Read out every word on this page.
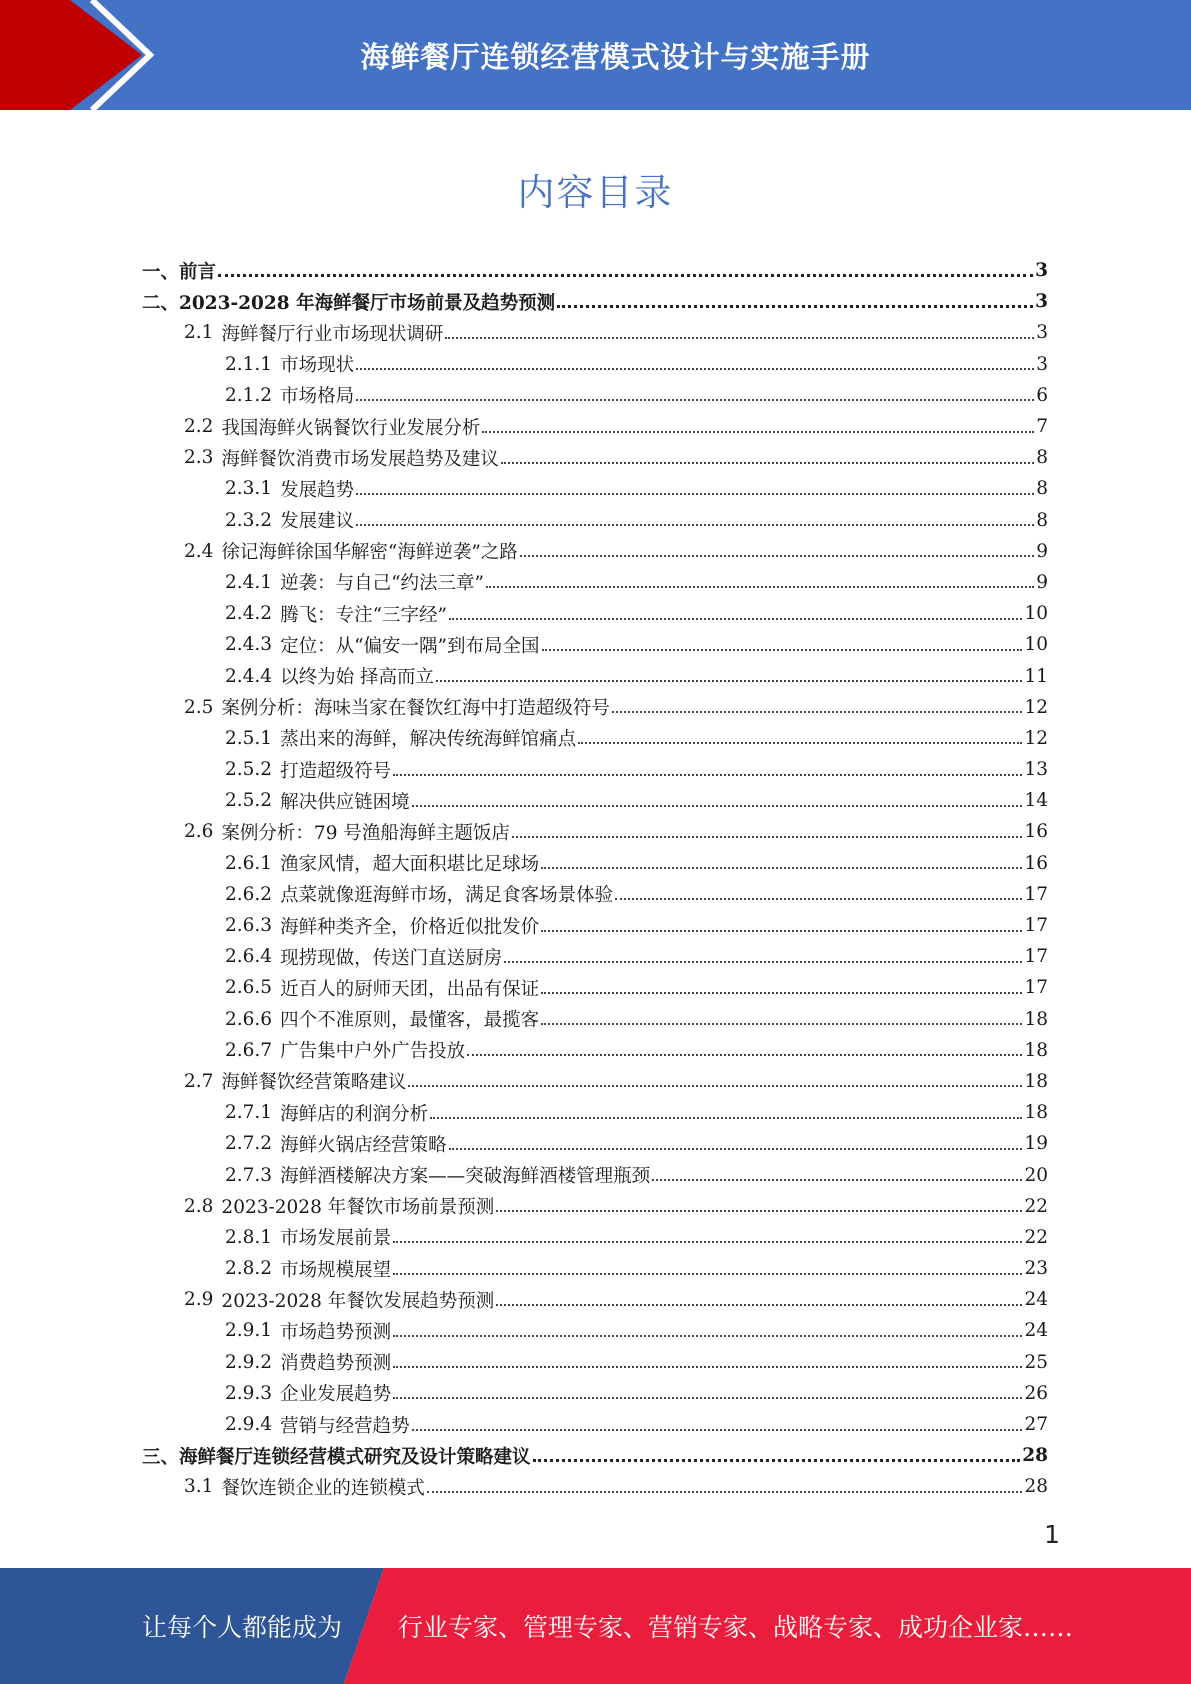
海鲜餐厅连锁经营模式设计与实施手册
内容目录
一、 前言	3
二、 2023-2028 年海鲜餐厅市场前景及趋势预测	3
2.1 海鲜餐厅行业市场现状调研	3
2.1.1 市场现状	3
2.1.2 市场格局	6
2.2 我国海鲜火锅餐饮行业发展分析	7
2.3 海鲜餐饮消费市场发展趋势及建议	8
2.3.1 发展趋势	8
2.3.2 发展建议	8
2.4 徐记海鲜徐国华解密“海鲜逆袭”之路	9
2.4.1 逆袭：与自己“约法三章”	9
2.4.2 腾飞：专注“三字经”	10
2.4.3 定位：从“偏安一隅”到布局全国	10
2.4.4 以终为始 择高而立	11
2.5 案例分析：海味当家在餐饮红海中打造超级符号	12
2.5.1 蒸出来的海鲜，解决传统海鲜馆痛点	12
2.5.2 打造超级符号	13
2.5.2 解决供应链困境	14
2.6 案例分析：79 号渔船海鲜主题饭店	16
2.6.1 渔家风情，超大面积堪比足球场	16
2.6.2 点菜就像逛海鲜市场，满足食客场景体验	17
2.6.3 海鲜种类齐全，价格近似批发价	17
2.6.4 现捞现做，传送门直送厨房	17
2.6.5 近百人的厨师天团，出品有保证	17
2.6.6 四个不准原则，最懂客，最揽客	18
2.6.7 广告集中户外广告投放	18
2.7 海鲜餐饮经营策略建议	18
2.7.1 海鲜店的利润分析	18
2.7.2 海鲜火锅店经营策略	19
2.7.3 海鲜酒楼解决方案——突破海鲜酒楼管理瓶颈	20
2.8 2023-2028 年餐饮市场前景预测	22
2.8.1 市场发展前景	22
2.8.2 市场规模展望	23
2.9 2023-2028 年餐饮发展趋势预测	24
2.9.1 市场趋势预测	24
2.9.2 消费趋势预测	25
2.9.3 企业发展趋势	26
2.9.4 营销与经营趋势	27
三、 海鲜餐厅连锁经营模式研究及设计策略建议	28
3.1 餐饮连锁企业的连锁模式	28
1
让每个人都能成为 行业专家、管理专家、营销专家、战略专家、成功企业家……
